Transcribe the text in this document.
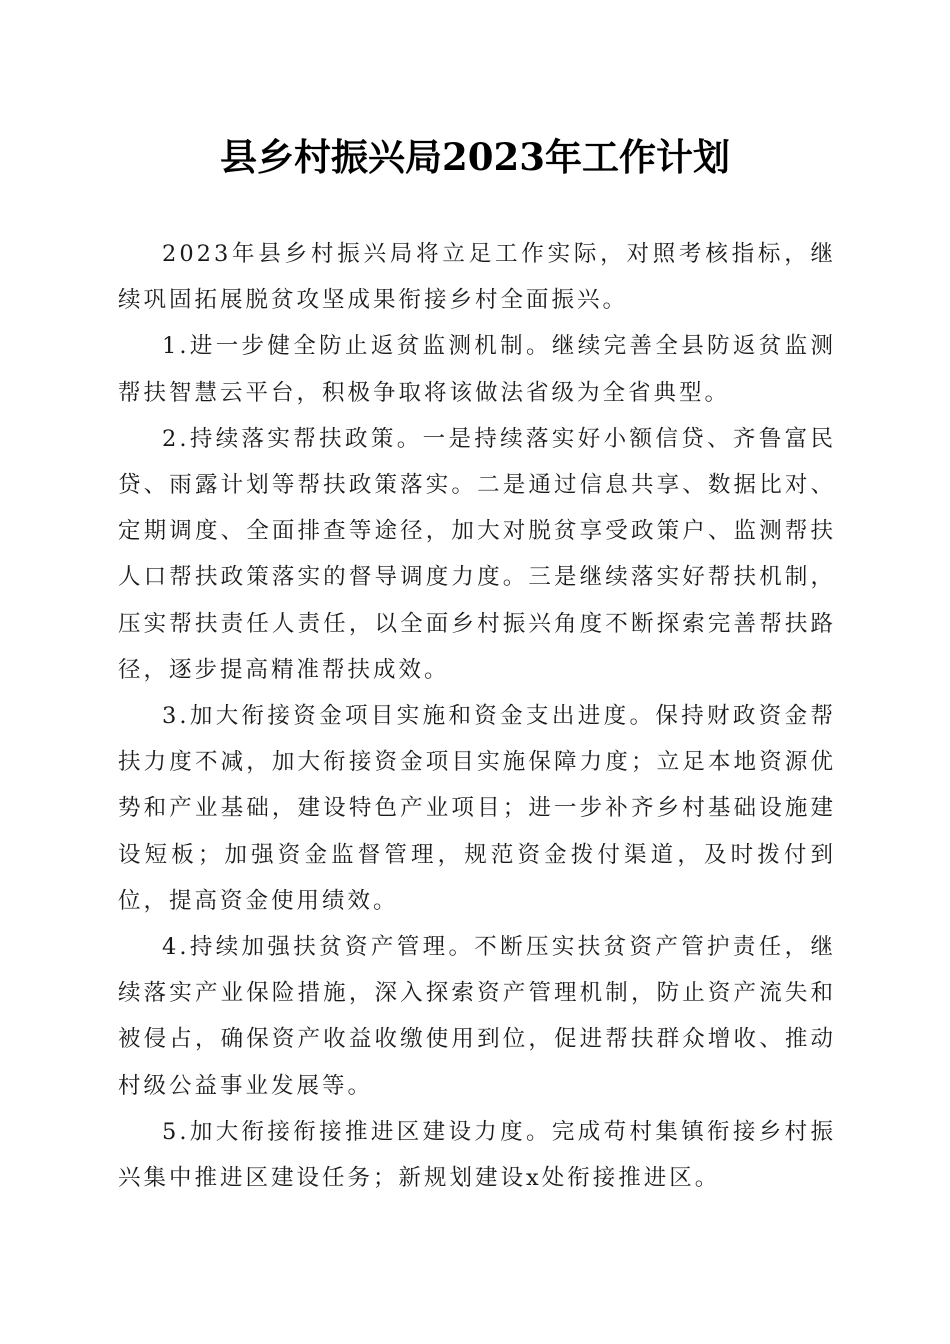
县乡村振兴局2023年工作计划

2023年县乡村振兴局将立足工作实际，对照考核指标，继续巩固拓展脱贫攻坚成果衔接乡村全面振兴。

1.进一步健全防止返贫监测机制。继续完善全县防返贫监测帮扶智慧云平台，积极争取将该做法省级为全省典型。

2.持续落实帮扶政策。一是持续落实好小额信贷、齐鲁富民贷、雨露计划等帮扶政策落实。二是通过信息共享、数据比对、定期调度、全面排查等途径，加大对脱贫享受政策户、监测帮扶人口帮扶政策落实的督导调度力度。三是继续落实好帮扶机制，压实帮扶责任人责任，以全面乡村振兴角度不断探索完善帮扶路径，逐步提高精准帮扶成效。

3.加大衔接资金项目实施和资金支出进度。保持财政资金帮扶力度不减，加大衔接资金项目实施保障力度；立足本地资源优势和产业基础，建设特色产业项目；进一步补齐乡村基础设施建设短板；加强资金监督管理，规范资金拨付渠道，及时拨付到位，提高资金使用绩效。

4.持续加强扶贫资产管理。不断压实扶贫资产管护责任，继续落实产业保险措施，深入探索资产管理机制，防止资产流失和被侵占，确保资产收益收缴使用到位，促进帮扶群众增收、推动村级公益事业发展等。

5.加大衔接衔接推进区建设力度。完成苟村集镇衔接乡村振兴集中推进区建设任务；新规划建设x处衔接推进区。
